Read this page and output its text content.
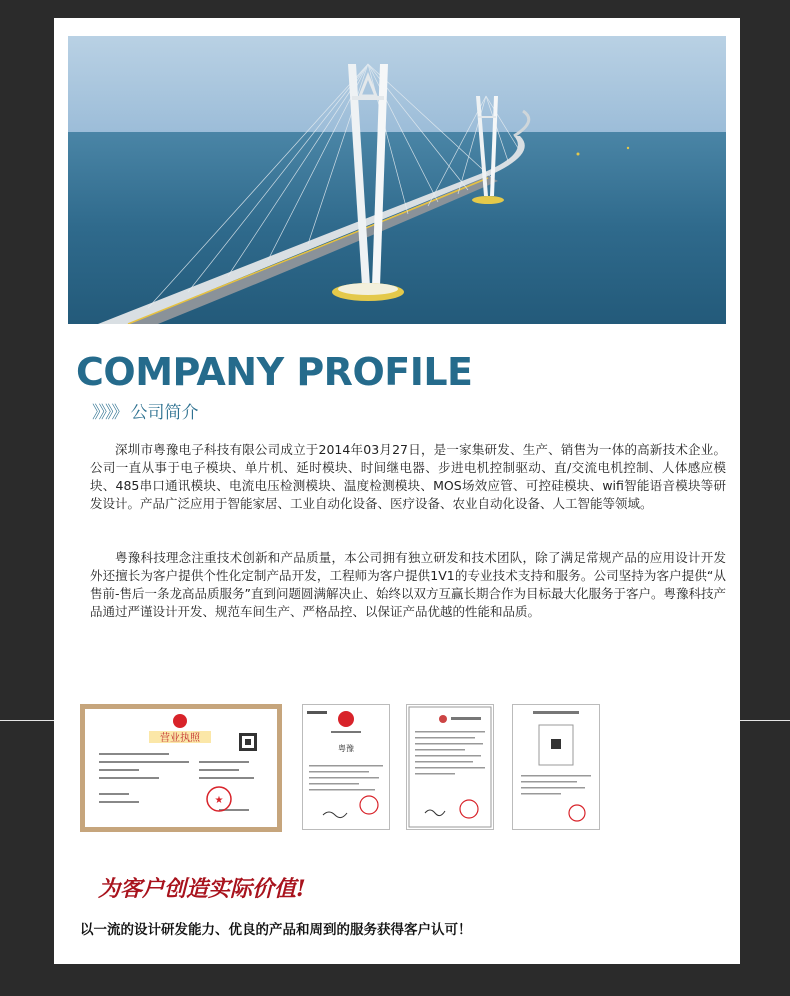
COMPANY PROFILE
》》》》 公司简介

深圳市粤豫电子科技有限公司成立于2014年03月27日，是一家集研发、生产、销售为一体的高新技术企业。公司一直从事于电子模块、单片机、延时模块、时间继电器、步进电机控制驱动、直/交流电机控制、人体感应模块、485串口通讯模块、电流电压检测模块、温度检测模块、MOS场效应管、可控硅模块、wifi智能语音模块等研发设计。产品广泛应用于智能家居、工业自动化设备、医疗设备、农业自动化设备、人工智能等领域。

粤豫科技理念注重技术创新和产品质量，本公司拥有独立研发和技术团队，除了满足常规产品的应用设计开发外还擅长为客户提供个性化定制产品开发，工程师为客户提供1V1的专业技术支持和服务。公司坚持为客户提供“从售前-售后一条龙高品质服务”直到问题圆满解决止、始终以双方互赢长期合作为目标最大化服务于客户。粤豫科技产品通过严谨设计开发、规范车间生产、严格品控、以保证产品优越的性能和品质。

营业执照
★
粤豫
为客户创造实际价值!
以一流的设计研发能力、优良的产品和周到的服务获得客户认可！
